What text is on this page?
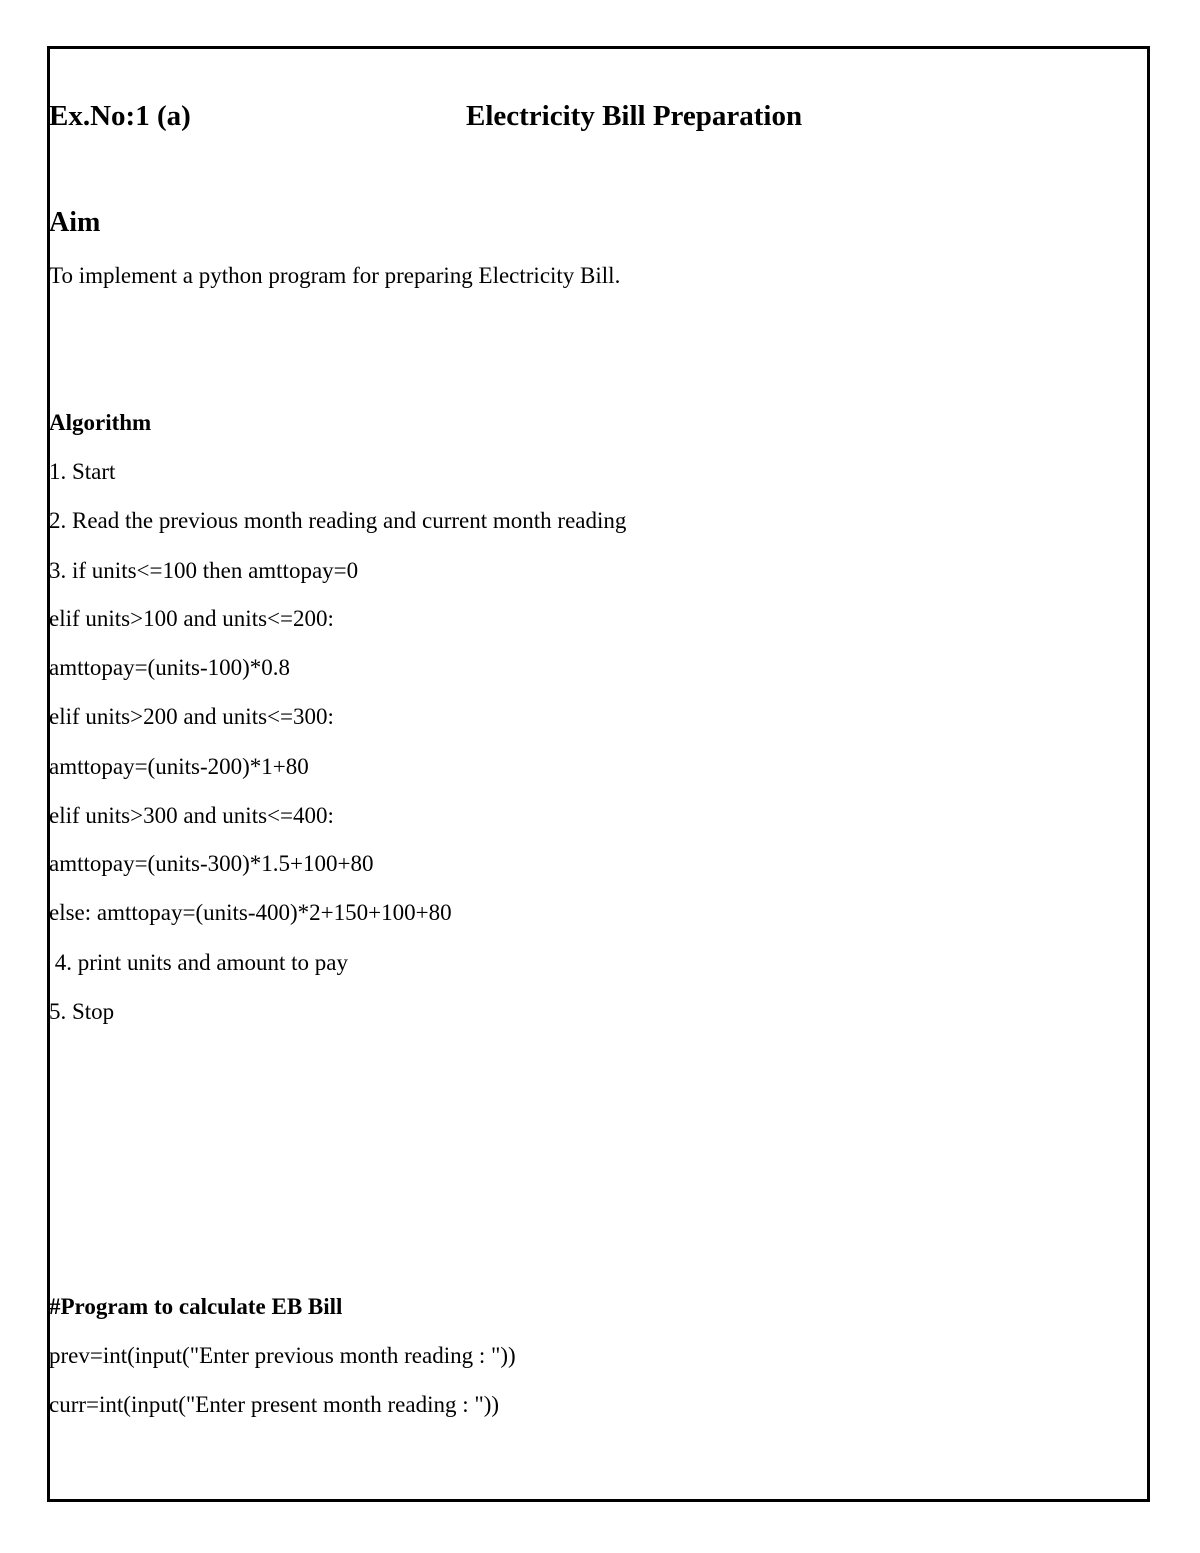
Ex.No:1 (a)	Electricity Bill Preparation
Aim
To implement a python program for preparing Electricity Bill.
Algorithm
1. Start
2. Read the previous month reading and current month reading
3. if units<=100 then amttopay=0
elif units>100 and units<=200:
amttopay=(units-100)*0.8
elif units>200 and units<=300:
amttopay=(units-200)*1+80
elif units>300 and units<=400:
amttopay=(units-300)*1.5+100+80
else: amttopay=(units-400)*2+150+100+80
4. print units and amount to pay
5. Stop
#Program to calculate EB Bill
prev=int(input("Enter previous month reading : "))
curr=int(input("Enter present month reading : "))
